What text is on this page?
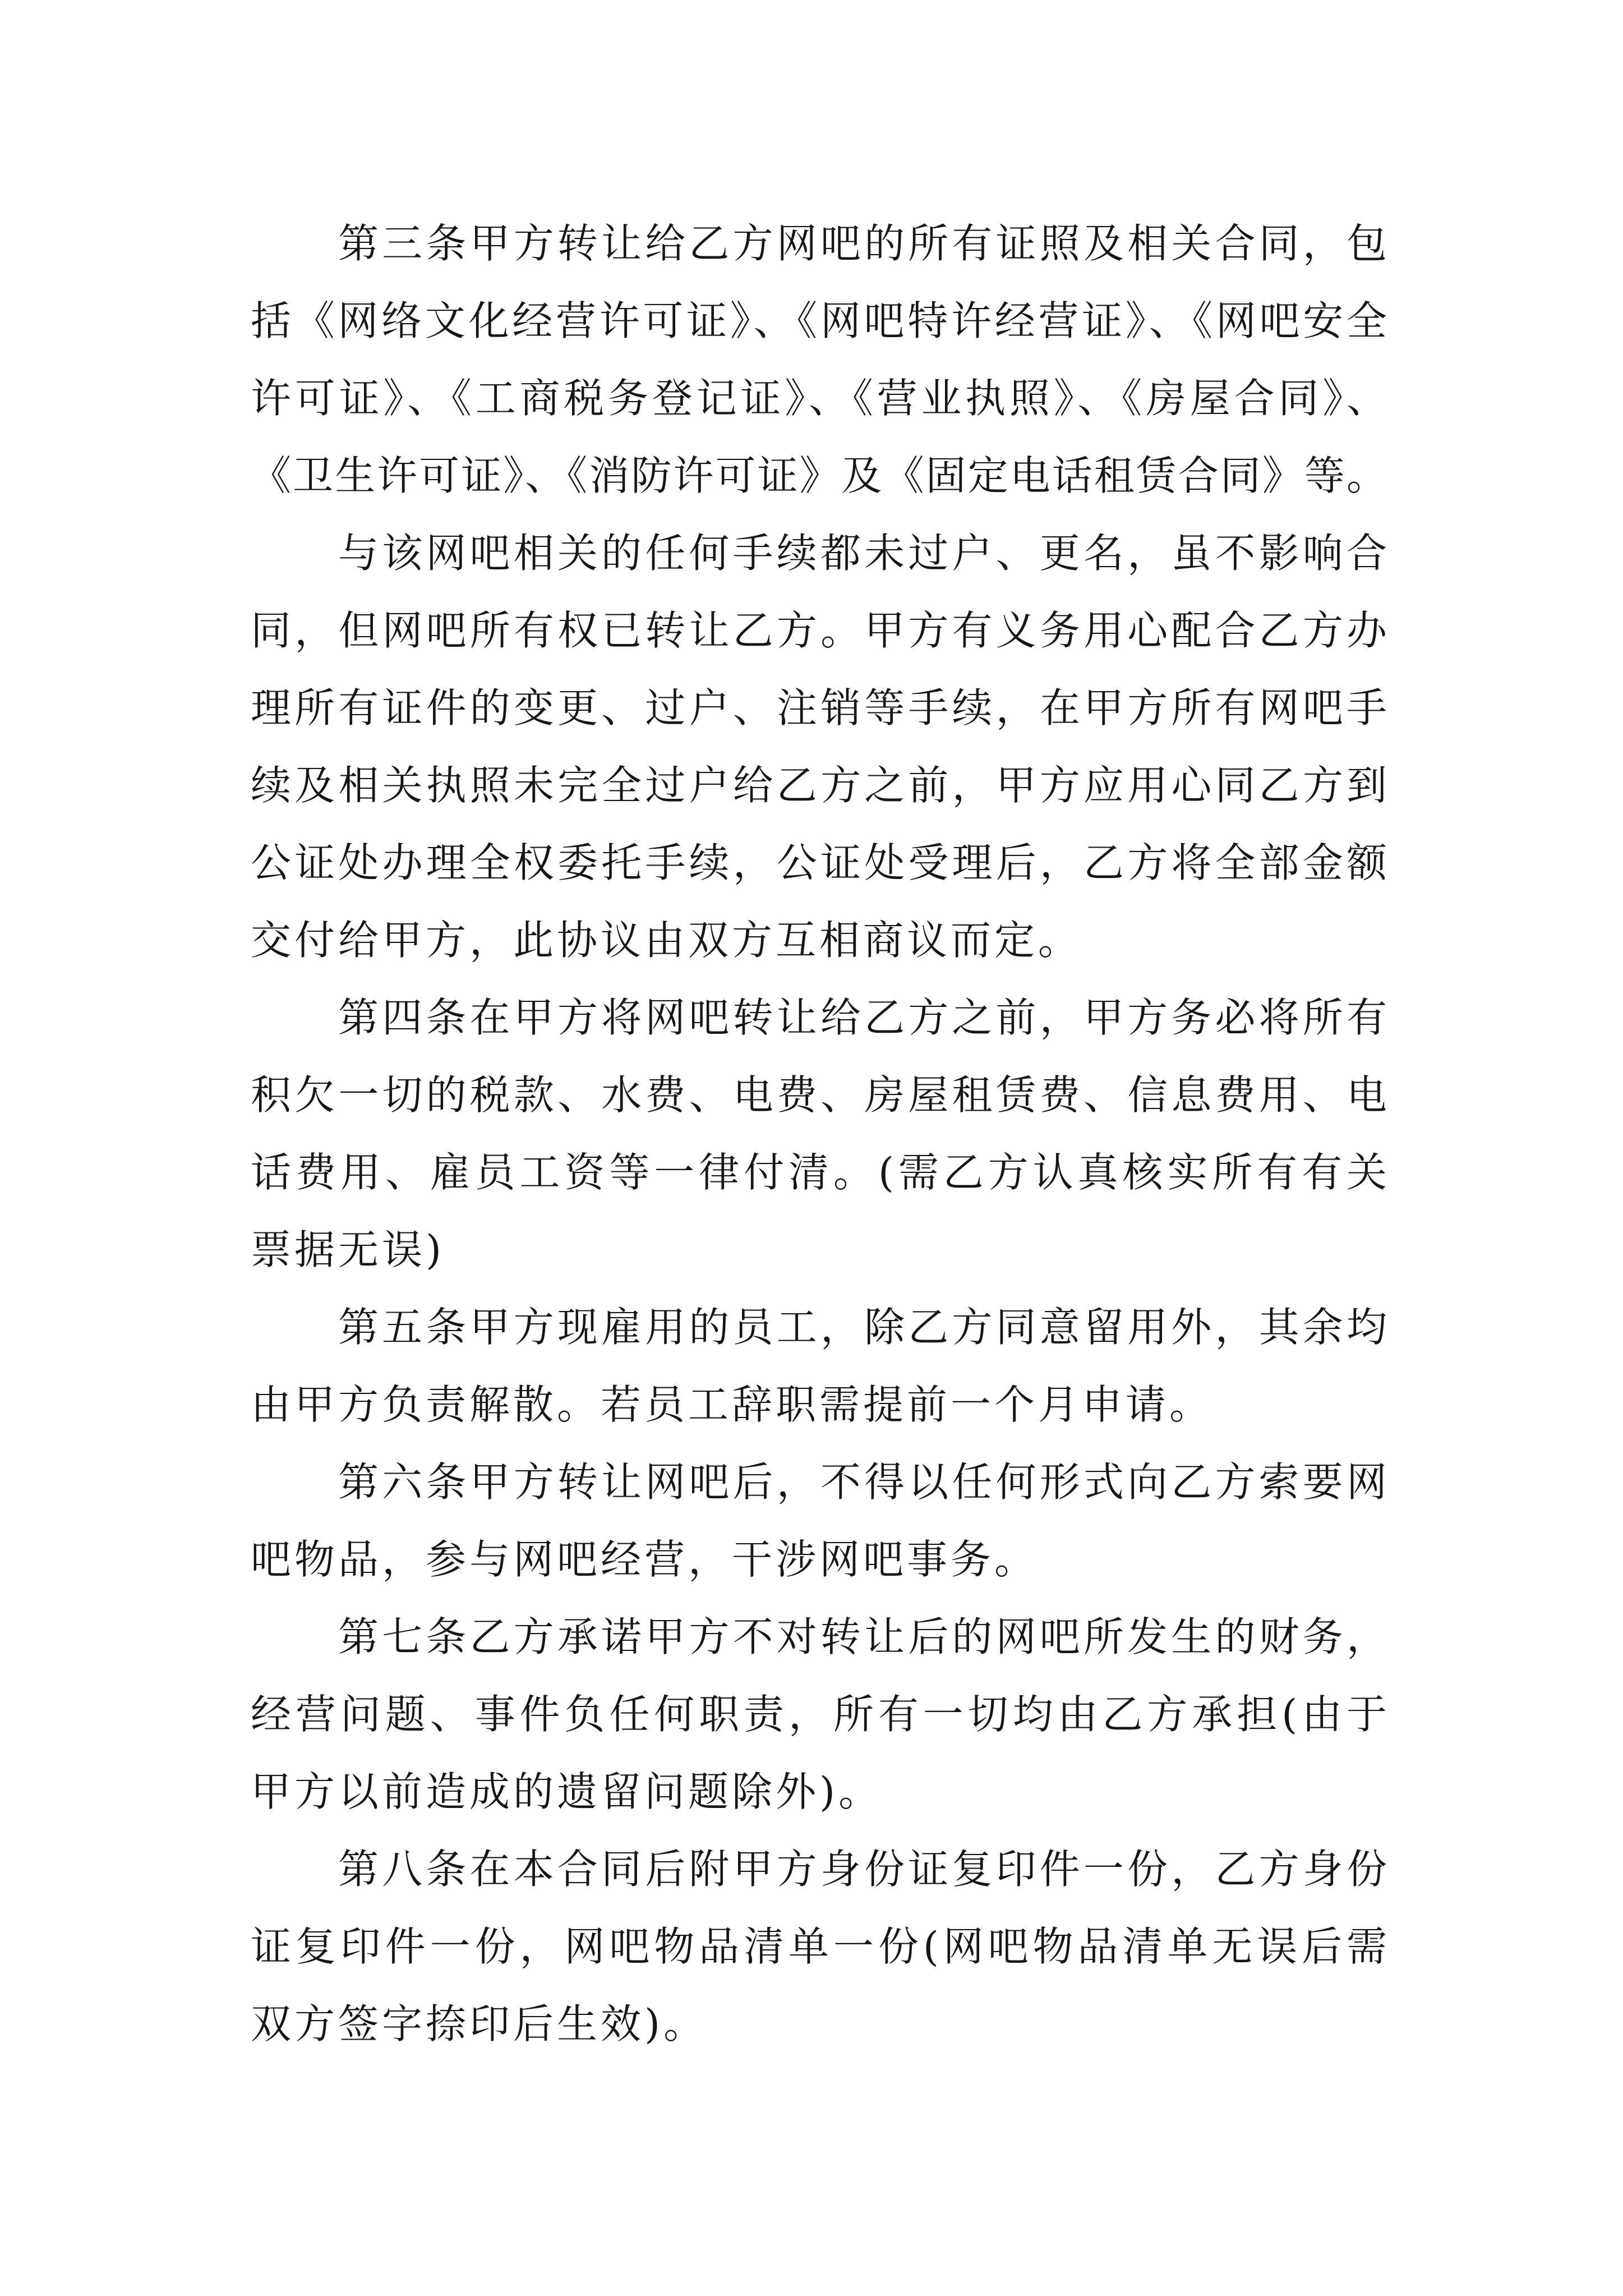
第三条甲方转让给乙方网吧的所有证照及相关合同，包
括《网络文化经营许可证》、《网吧特许经营证》、《网吧安全
许可证》、《工商税务登记证》、《营业执照》、《房屋合同》、
《卫生许可证》、《消防许可证》及《固定电话租赁合同》等。
与该网吧相关的任何手续都未过户、更名，虽不影响合
同，但网吧所有权已转让乙方。甲方有义务用心配合乙方办
理所有证件的变更、过户、注销等手续，在甲方所有网吧手
续及相关执照未完全过户给乙方之前，甲方应用心同乙方到
公证处办理全权委托手续，公证处受理后，乙方将全部金额
交付给甲方，此协议由双方互相商议而定。
第四条在甲方将网吧转让给乙方之前，甲方务必将所有
积欠一切的税款、水费、电费、房屋租赁费、信息费用、电
话费用、雇员工资等一律付清。(需乙方认真核实所有有关
票据无误)
第五条甲方现雇用的员工，除乙方同意留用外，其余均
由甲方负责解散。若员工辞职需提前一个月申请。
第六条甲方转让网吧后，不得以任何形式向乙方索要网
吧物品，参与网吧经营，干涉网吧事务。
第七条乙方承诺甲方不对转让后的网吧所发生的财务，
经营问题、事件负任何职责，所有一切均由乙方承担(由于
甲方以前造成的遗留问题除外)。
第八条在本合同后附甲方身份证复印件一份，乙方身份
证复印件一份，网吧物品清单一份(网吧物品清单无误后需
双方签字捺印后生效)。
